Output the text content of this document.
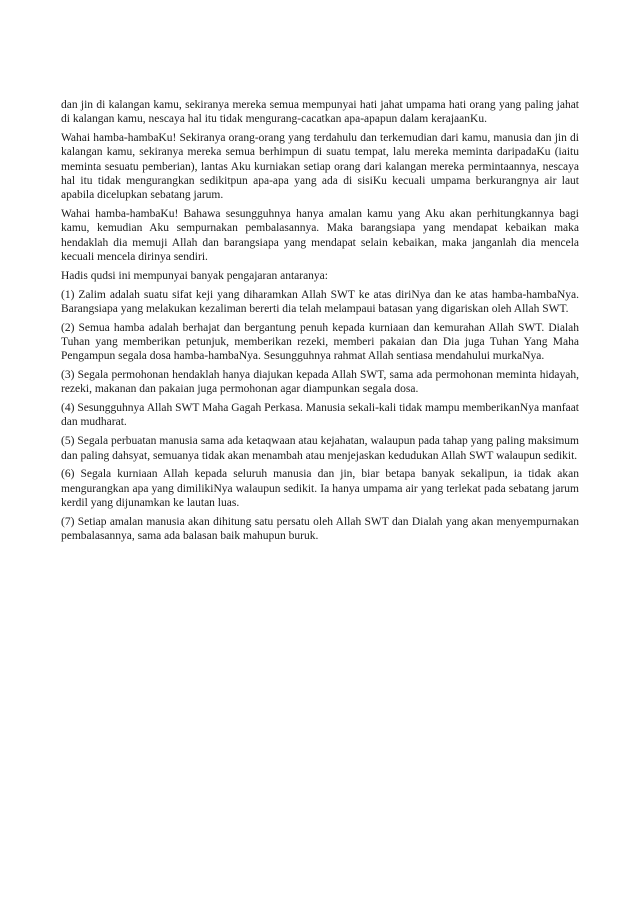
dan jin di kalangan kamu, sekiranya mereka semua mempunyai hati jahat umpama hati orang yang paling jahat di kalangan kamu, nescaya hal itu tidak mengurang-cacatkan apa-apapun dalam kerajaanKu.

Wahai hamba-hambaKu! Sekiranya orang-orang yang terdahulu dan terkemudian dari kamu, manusia dan jin di kalangan kamu, sekiranya mereka semua berhimpun di suatu tempat, lalu mereka meminta daripadaKu (iaitu meminta sesuatu pemberian), lantas Aku kurniakan setiap orang dari kalangan mereka permintaannya, nescaya hal itu tidak mengurangkan sedikitpun apa-apa yang ada di sisiKu kecuali umpama berkurangnya air laut apabila dicelupkan sebatang jarum.

Wahai hamba-hambaKu! Bahawa sesungguhnya hanya amalan kamu yang Aku akan perhitungkannya bagi kamu, kemudian Aku sempurnakan pembalasannya. Maka barangsiapa yang mendapat kebaikan maka hendaklah dia memuji Allah dan barangsiapa yang mendapat selain kebaikan, maka janganlah dia mencela kecuali mencela dirinya sendiri.

Hadis qudsi ini mempunyai banyak pengajaran antaranya:

(1) Zalim adalah suatu sifat keji yang diharamkan Allah SWT ke atas diriNya dan ke atas hamba-hambaNya. Barangsiapa yang melakukan kezaliman bererti dia telah melampaui batasan yang digariskan oleh Allah SWT.

(2) Semua hamba adalah berhajat dan bergantung penuh kepada kurniaan dan kemurahan Allah SWT. Dialah Tuhan yang memberikan petunjuk, memberikan rezeki, memberi pakaian dan Dia juga Tuhan Yang Maha Pengampun segala dosa hamba-hambaNya. Sesungguhnya rahmat Allah sentiasa mendahului murkaNya.

(3) Segala permohonan hendaklah hanya diajukan kepada Allah SWT, sama ada permohonan meminta hidayah, rezeki, makanan dan pakaian juga permohonan agar diampunkan segala dosa.

(4) Sesungguhnya Allah SWT Maha Gagah Perkasa. Manusia sekali-kali tidak mampu memberikanNya manfaat dan mudharat.

(5) Segala perbuatan manusia sama ada ketaqwaan atau kejahatan, walaupun pada tahap yang paling maksimum dan paling dahsyat, semuanya tidak akan menambah atau menjejaskan kedudukan Allah SWT walaupun sedikit.

(6) Segala kurniaan Allah kepada seluruh manusia dan jin, biar betapa banyak sekalipun, ia tidak akan mengurangkan apa yang dimilikiNya walaupun sedikit. Ia hanya umpama air yang terlekat pada sebatang jarum kerdil yang dijunamkan ke lautan luas.

(7) Setiap amalan manusia akan dihitung satu persatu oleh Allah SWT dan Dialah yang akan menyempurnakan pembalasannya, sama ada balasan baik mahupun buruk.
